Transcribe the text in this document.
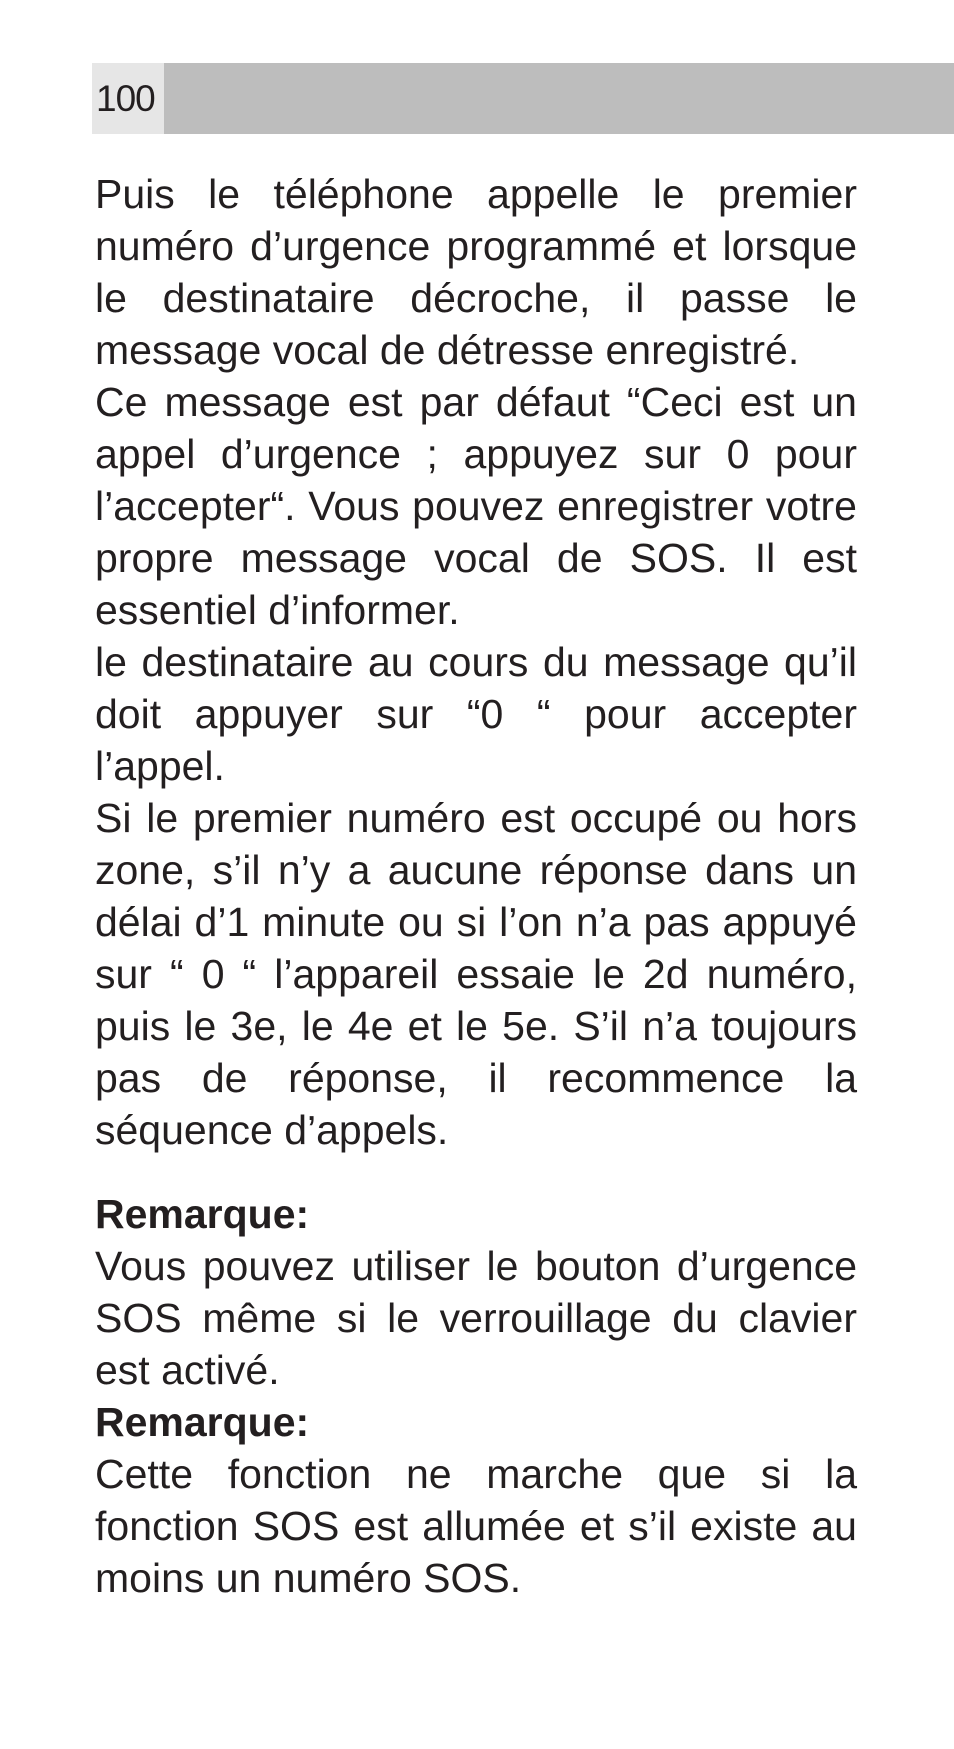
100

Puis le téléphone appelle le premier numéro d’urgence programmé et lorsque le destinataire décroche, il passe le message vocal de détresse enregistré.

Ce message est par défaut “Ceci est un appel d’urgence ; appuyez sur 0 pour l’accepter“. Vous pouvez enregistrer votre propre message vocal de SOS. Il est essentiel d’informer.

le destinataire au cours du message qu’il doit appuyer sur “0 “ pour accepter l’appel.

Si le premier numéro est occupé ou hors zone, s’il n’y a aucune réponse dans un délai d’1 minute ou si l’on n’a pas appuyé sur “ 0 “ l’appareil essaie le 2d numéro, puis le 3e, le 4e et le 5e. S’il n’a toujours pas de réponse, il recommence la séquence d’appels.

Remarque:

Vous pouvez utiliser le bouton d’urgence SOS même si le verrouillage du clavier est activé.

Remarque:

Cette fonction ne marche que si la fonction SOS est allumée et s’il existe au moins un numéro SOS.
